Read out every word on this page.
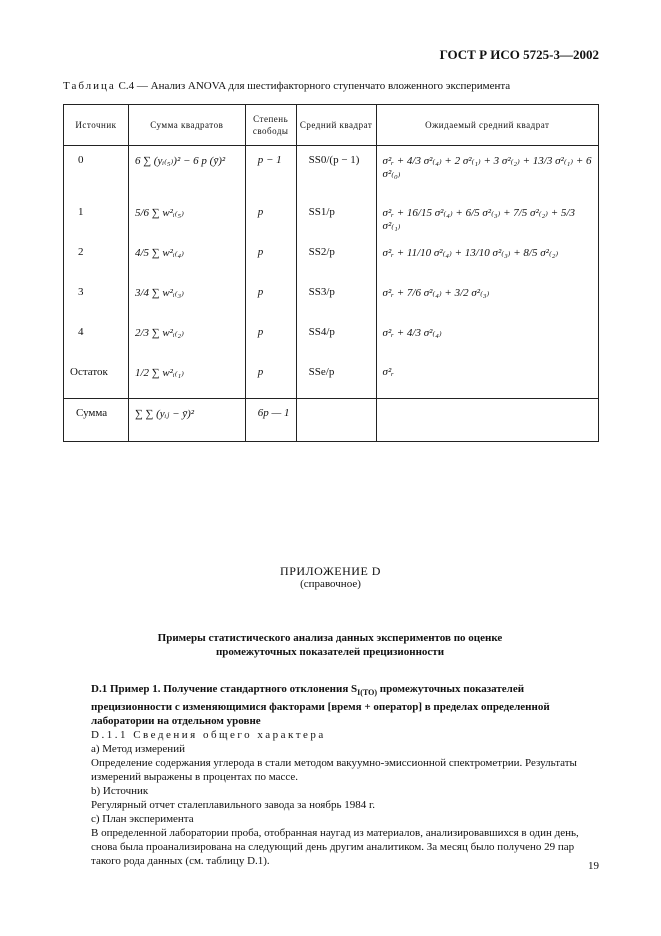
ГОСТ Р ИСО 5725-3—2002
Таблица С.4 — Анализ ANOVA для шестифакторного ступенчато вложенного эксперимента
Источник	Сумма квадратов	Степень свободы	Средний квадрат	Ожидаемый средний квадрат
0	6 ∑ (yᵢ₍₅₎)² − 6 p (ȳ)²	p − 1	SS0/(p − 1)	σ²ᵣ + 4/3 σ²₍₄₎ + 2 σ²₍₁₎ + 3 σ²₍₂₎ + 13/3 σ²₍₁₎ + 6 σ²₍₀₎
1	5/6 ∑ w²ᵢ₍₅₎	p	SS1/p	σ²ᵣ + 16/15 σ²₍₄₎ + 6/5 σ²₍₃₎ + 7/5 σ²₍₂₎ + 5/3 σ²₍₁₎
2	4/5 ∑ w²ᵢ₍₄₎	p	SS2/p	σ²ᵣ + 11/10 σ²₍₄₎ + 13/10 σ²₍₃₎ + 8/5 σ²₍₂₎
3	3/4 ∑ w²ᵢ₍₃₎	p	SS3/p	σ²ᵣ + 7/6 σ²₍₄₎ + 3/2 σ²₍₃₎
4	2/3 ∑ w²ᵢ₍₂₎	p	SS4/p	σ²ᵣ + 4/3 σ²₍₄₎
Остаток	1/2 ∑ w²ᵢ₍₁₎	p	SSe/p	σ²ᵣ
Сумма	∑ ∑ (yᵢⱼ − ȳ)²	6p — 1		
ПРИЛОЖЕНИЕ D
(справочное)
Примеры статистического анализа данных экспериментов по оценке
промежуточных показателей прецизионности

D.1 Пример 1. Получение стандартного отклонения $S_{I(TO)}$ промежуточных показателей прецизионности с изменяющимися факторами [время + оператор] в пределах определенной лаборатории на отдельном уровне

D.1.1 Сведения общего характера

а) Метод измерений

Определение содержания углерода в стали методом вакуумно-эмиссионной спектрометрии. Результаты измерений выражены в процентах по массе.

b) Источник

Регулярный отчет сталеплавильного завода за ноябрь 1984 г.

с) План эксперимента

В определенной лаборатории проба, отобранная наугад из материалов, анализировавшихся в один день, снова была проанализирована на следующий день другим аналитиком. За месяц было получено 29 пар такого рода данных (см. таблицу D.1).	19
